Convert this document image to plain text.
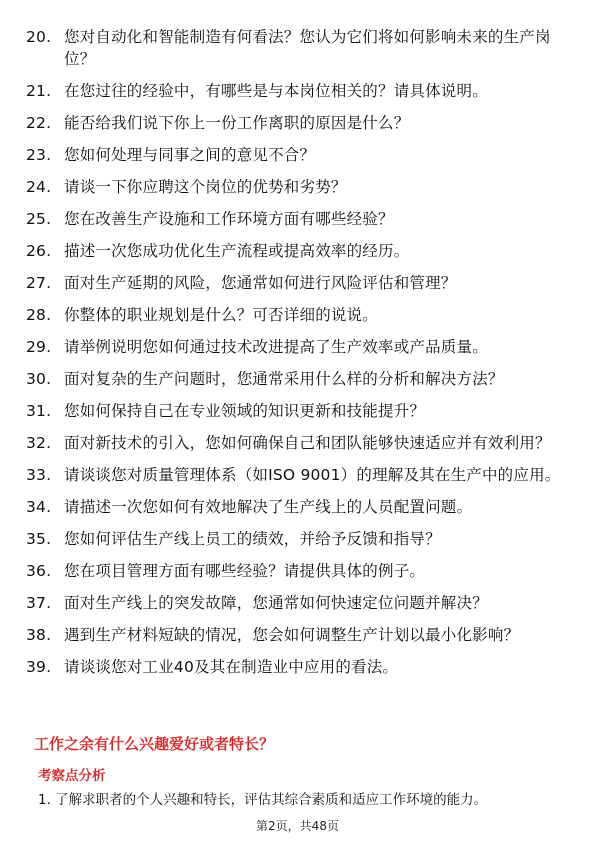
20. 您对自动化和智能制造有何看法？您认为它们将如何影响未来的生产岗位？
21. 在您过往的经验中，有哪些是与本岗位相关的？请具体说明。
22. 能否给我们说下你上一份工作离职的原因是什么？
23. 您如何处理与同事之间的意见不合？
24. 请谈一下你应聘这个岗位的优势和劣势？
25. 您在改善生产设施和工作环境方面有哪些经验？
26. 描述一次您成功优化生产流程或提高效率的经历。
27. 面对生产延期的风险，您通常如何进行风险评估和管理？
28. 你整体的职业规划是什么？可否详细的说说。
29. 请举例说明您如何通过技术改进提高了生产效率或产品质量。
30. 面对复杂的生产问题时，您通常采用什么样的分析和解决方法？
31. 您如何保持自己在专业领域的知识更新和技能提升？
32. 面对新技术的引入，您如何确保自己和团队能够快速适应并有效利用？
33. 请谈谈您对质量管理体系（如ISO 9001）的理解及其在生产中的应用。
34. 请描述一次您如何有效地解决了生产线上的人员配置问题。
35. 您如何评估生产线上员工的绩效，并给予反馈和指导？
36. 您在项目管理方面有哪些经验？请提供具体的例子。
37. 面对生产线上的突发故障，您通常如何快速定位问题并解决？
38. 遇到生产材料短缺的情况，您会如何调整生产计划以最小化影响？
39. 请谈谈您对工业40及其在制造业中应用的看法。
工作之余有什么兴趣爱好或者特长？
考察点分析

1. 了解求职者的个人兴趣和特长，评估其综合素质和适应工作环境的能力。

第2页，共48页
